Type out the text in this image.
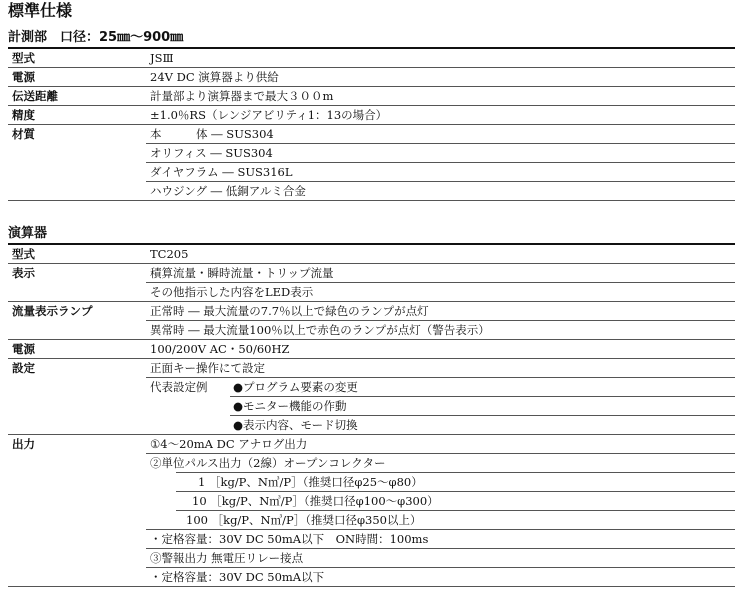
標準仕様
計測部　口径：25㎜～900㎜
型式	JSⅢ
電源	24V DC 演算器より供給
伝送距離	計量部より演算器まで最大３００m
精度	±1.0％RS（レンジアビリティ1：13の場合）
材質	本　　　体 ― SUS304
オリフィス ― SUS304
ダイヤフラム ― SUS316L
ハウジング ― 低銅アルミ合金
演算器
型式	TC205
表示	積算流量・瞬時流量・トリップ流量
その他指示した内容をLED表示
流量表示ランプ	正常時 ― 最大流量の7.7％以上で緑色のランプが点灯
異常時 ― 最大流量100％以上で赤色のランプが点灯（警告表示）
電源	100/200V AC・50/60HZ
設定	正面キー操作にて設定
代表設定例 ●プログラム要素の変更
●モニター機能の作動
●表示内容、モード切換
出力	①4～20mA DC アナログ出力
②単位パルス出力（2線）オープンコレクター
1 ［kg/P、N㎥/P］（推奨口径φ25～φ80）
10 ［kg/P、N㎥/P］（推奨口径φ100～φ300）
100 ［kg/P、N㎥/P］（推奨口径φ350以上）
・定格容量：30V DC 50mA以下　ON時間：100ms
③警報出力 無電圧リレー接点
・定格容量：30V DC 50mA以下
